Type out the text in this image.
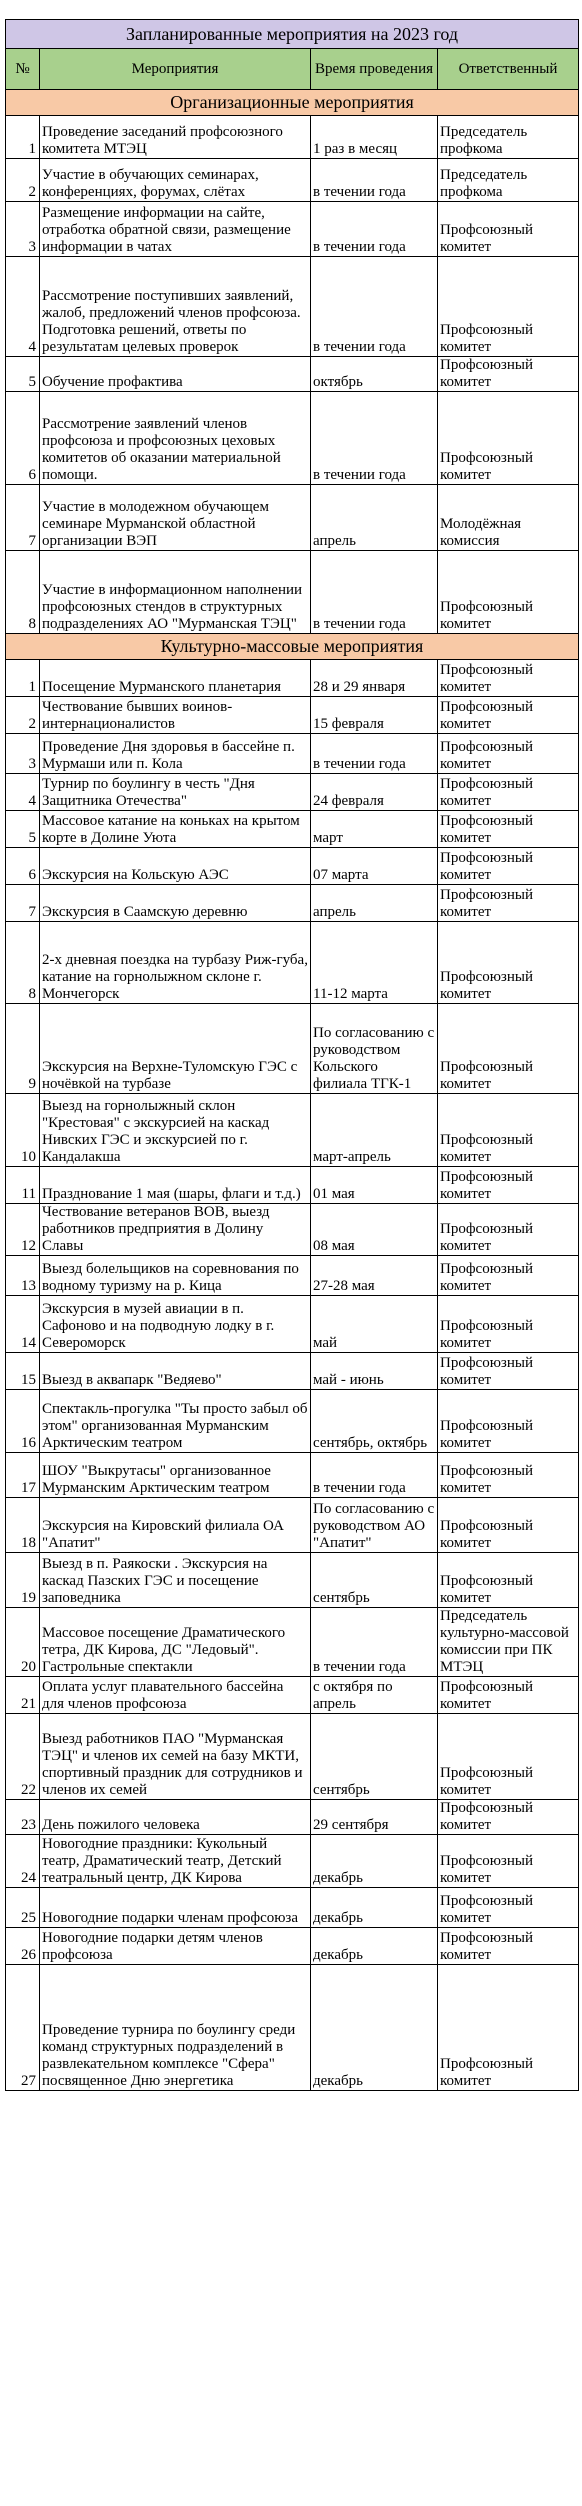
Запланированные мероприятия на 2023 год			
№	Мероприятия	Время проведения	Ответственный
Организационные мероприятия			
1	Проведение заседаний профсоюзного комитета МТЭЦ	1 раз в месяц	Председатель профкома
2	Участие в обучающих семинарах, конференциях, форумах, слётах	в течении года	Председатель профкома
3	Размещение информации на сайте, отработка обратной связи, размещение информации в чатах	в течении года	Профсоюзный комитет
4	Рассмотрение поступивших заявлений, жалоб, предложений членов профсоюза. Подготовка решений, ответы по результатам целевых проверок	в течении года	Профсоюзный комитет
5	Обучение профактива	октябрь	Профсоюзный комитет
6	Рассмотрение заявлений членов профсоюза и профсоюзных цеховых комитетов об оказании материальной помощи.	в течении года	Профсоюзный комитет
7	Участие в молодежном обучающем семинаре Мурманской областной организации ВЭП	апрель	Молодёжная комиссия
8	Участие в информационном наполнении профсоюзных стендов в структурных подразделениях АО "Мурманская ТЭЦ"	в течении года	Профсоюзный комитет
Культурно-массовые мероприятия			
1	Посещение Мурманского планетария	28 и 29 января	Профсоюзный комитет
2	Чествование бывших воинов-интернационалистов	15 февраля	Профсоюзный комитет
3	Проведение Дня здоровья в бассейне п. Мурмаши или п. Кола	в течении года	Профсоюзный комитет
4	Турнир по боулингу в честь "Дня Защитника Отечества"	24 февраля	Профсоюзный комитет
5	Массовое катание на коньках на крытом корте в Долине Уюта	март	Профсоюзный комитет
6	Экскурсия на Кольскую АЭС	07 марта	Профсоюзный комитет
7	Экскурсия в Саамскую деревню	апрель	Профсоюзный комитет
8	2-х дневная поездка на турбазу Риж-губа, катание на горнолыжном склоне г. Мончегорск	11-12 марта	Профсоюзный комитет
9	Экскурсия на Верхне-Туломскую ГЭС с ночёвкой на турбазе	По согласованию с руководством Кольского филиала ТГК-1	Профсоюзный комитет
10	Выезд на горнолыжный склон "Крестовая" с экскурсией на каскад Нивских ГЭС и экскурсией по г. Кандалакша	март-апрель	Профсоюзный комитет
11	Празднование 1 мая (шары, флаги и т.д.)	01 мая	Профсоюзный комитет
12	Чествование ветеранов ВОВ, выезд работников предприятия в Долину Славы	08 мая	Профсоюзный комитет
13	Выезд болельщиков на соревнования по водному туризму на р. Кица	27-28 мая	Профсоюзный комитет
14	Экскурсия в музей авиации в п. Сафоново и на подводную лодку в г. Североморск	май	Профсоюзный комитет
15	Выезд в аквапарк "Ведяево"	май - июнь	Профсоюзный комитет
16	Спектакль-прогулка "Ты просто забыл об этом" организованная Мурманским Арктическим театром	сентябрь, октябрь	Профсоюзный комитет
17	ШОУ "Выкрутасы" организованное Мурманским Арктическим театром	в течении года	Профсоюзный комитет
18	Экскурсия на Кировский филиала ОА "Апатит"	По согласованию с руководством АО "Апатит"	Профсоюзный комитет
19	Выезд в п. Раякоски . Экскурсия на каскад Пазских ГЭС и посещение заповедника	сентябрь	Профсоюзный комитет
20	Массовое посещение Драматического тетра, ДК Кирова, ДС "Ледовый". Гастрольные спектакли	в течении года	Председатель культурно-массовой комиссии при ПК МТЭЦ
21	Оплата услуг плавательного бассейна для членов профсоюза	с октября по апрель	Профсоюзный комитет
22	Выезд работников ПАО "Мурманская ТЭЦ" и членов их семей на базу МКТИ, спортивный праздник для сотрудников и членов их семей	сентябрь	Профсоюзный комитет
23	День пожилого человека	29 сентября	Профсоюзный комитет
24	Новогодние праздники: Кукольный театр, Драматический театр, Детский театральный центр, ДК Кирова	декабрь	Профсоюзный комитет
25	Новогодние подарки членам профсоюза	декабрь	Профсоюзный комитет
26	Новогодние подарки детям членов профсоюза	декабрь	Профсоюзный комитет
27	Проведение турнира по боулингу среди команд структурных подразделений в развлекательном комплексе "Сфера" посвященное Дню энергетика	декабрь	Профсоюзный комитет
